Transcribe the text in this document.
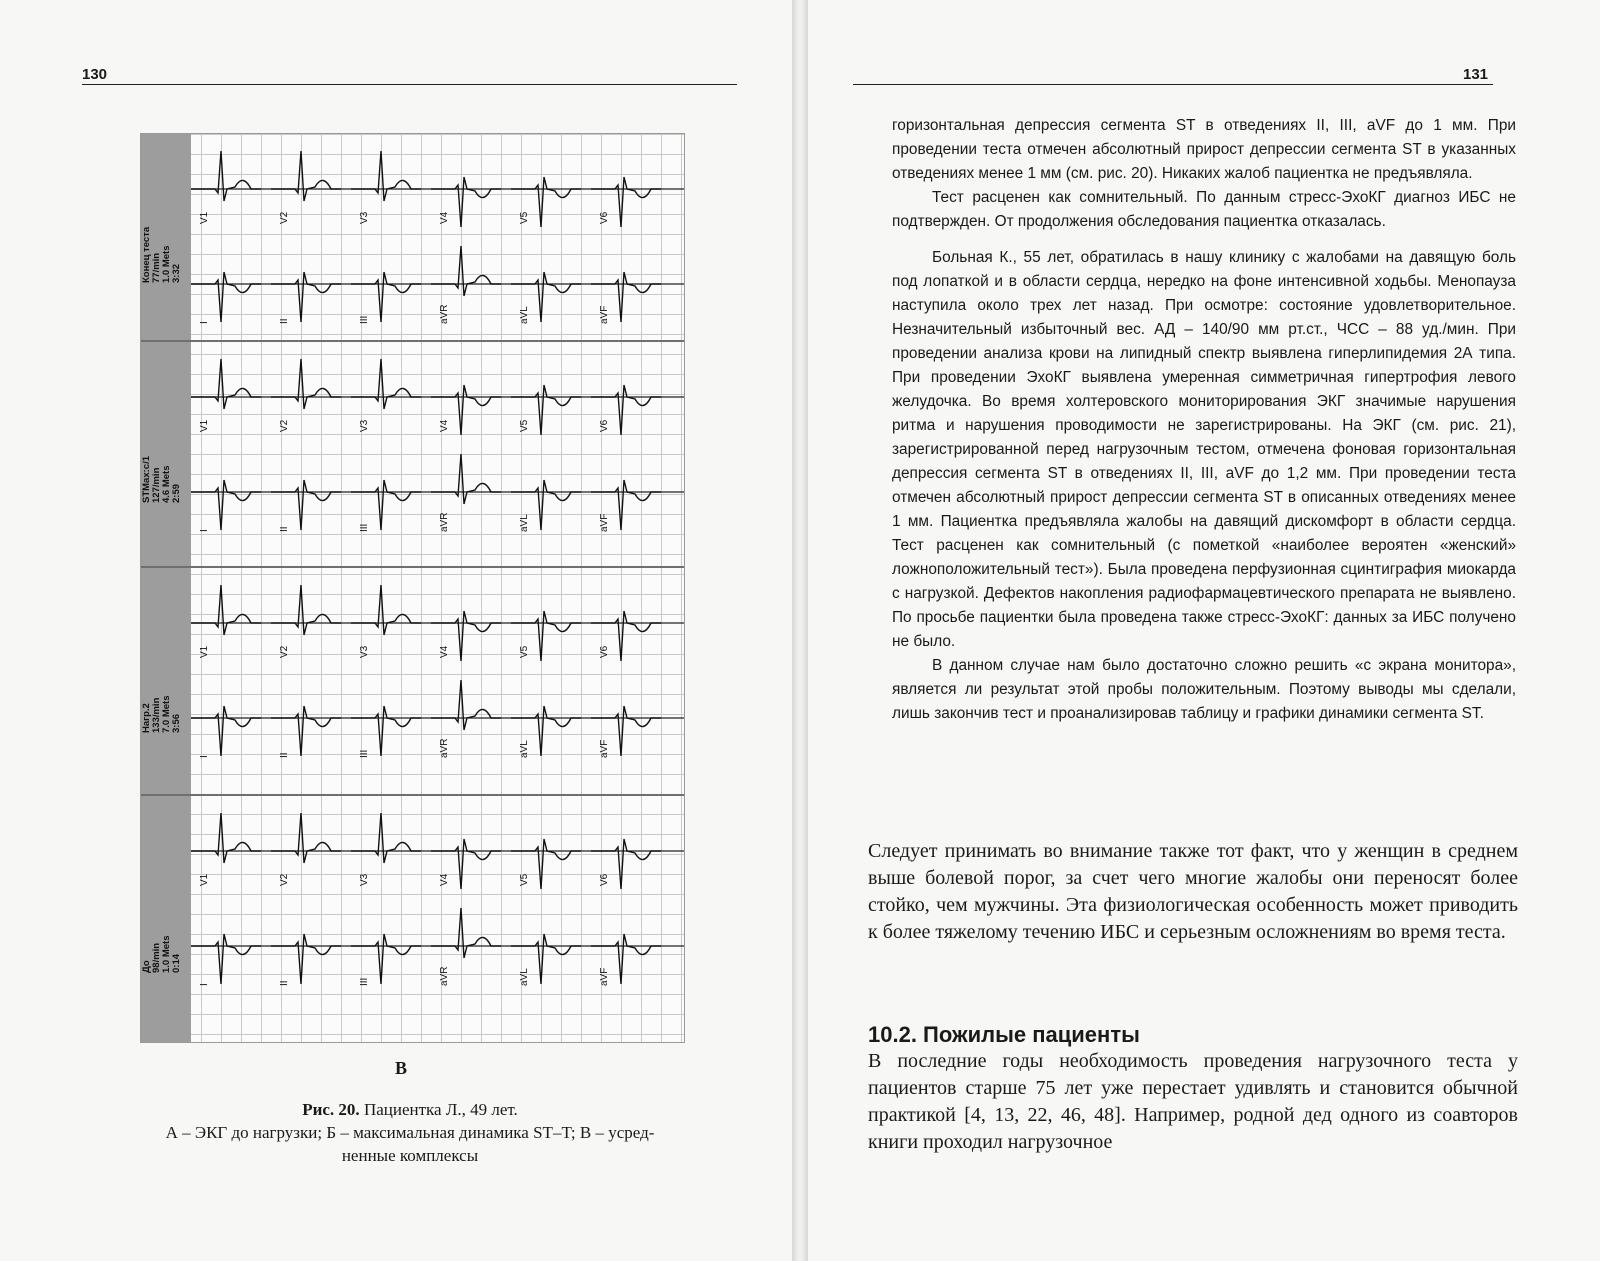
130
Конец теста
77/min
1.0 Mets
3:32
STMax:с/1
127/min
4.6 Mets
2:59
Нагр.2
133/min
7.0 Mets
3:56
До
98/min
1.0 Mets
0:14
V1	V2	V3	V4	V5	V6
I	II	III	aVR	aVL	aVF
V1	V2	V3	V4	V5	V6
I	II	III	aVR	aVL	aVF
V1	V2	V3	V4	V5	V6
I	II	III	aVR	aVL	aVF
V1	V2	V3	V4	V5	V6
I	II	III	aVR	aVL	aVF
В
Рис. 20. Пациентка Л., 49 лет.
А – ЭКГ до нагрузки; Б – максимальная динамика ST–T; В – усред-
ненные комплексы
131

горизонтальная депрессия сегмента ST в отведениях II, III, aVF до 1 мм. При проведении теста отмечен абсолютный прирост депрессии сегмента ST в указанных отведениях менее 1 мм (см. рис. 20). Никаких жалоб пациентка не предъявляла.

Тест расценен как сомнительный. По данным стресс-ЭхоКГ диагноз ИБС не подтвержден. От продолжения обследования пациентка отказалась.

Больная К., 55 лет, обратилась в нашу клинику с жалобами на давящую боль под лопаткой и в области сердца, нередко на фоне интенсивной ходьбы. Менопауза наступила около трех лет назад. При осмотре: состояние удовлетворительное. Незначительный избыточный вес. АД – 140/90 мм рт.ст., ЧСС – 88 уд./мин. При проведении анализа крови на липидный спектр выявлена гиперлипидемия 2А типа. При проведении ЭхоКГ выявлена умеренная симметричная гипертрофия левого желудочка. Во время холтеровского мониторирования ЭКГ значимые нарушения ритма и нарушения проводимости не зарегистрированы. На ЭКГ (см. рис. 21), зарегистрированной перед нагрузочным тестом, отмечена фоновая горизонтальная депрессия сегмента ST в отведениях II, III, aVF до 1,2 мм. При проведении теста отмечен абсолютный прирост депрессии сегмента ST в описанных отведениях менее 1 мм. Пациентка предъявляла жалобы на давящий дискомфорт в области сердца. Тест расценен как сомнительный (с пометкой «наиболее вероятен «женский» ложноположительный тест»). Была проведена перфузионная сцинтиграфия миокарда с нагрузкой. Дефектов накопления радиофармацевтического препарата не выявлено. По просьбе пациентки была проведена также стресс-ЭхоКГ: данных за ИБС получено не было.

В данном случае нам было достаточно сложно решить «с экрана монитора», является ли результат этой пробы положительным. Поэтому выводы мы сделали, лишь закончив тест и проанализировав таблицу и графики динамики сегмента ST.

Следует принимать во внимание также тот факт, что у женщин в среднем выше болевой порог, за счет чего многие жалобы они переносят более стойко, чем мужчины. Эта физиологическая особенность может приводить к более тяжелому течению ИБС и серьезным осложнениям во время теста.

10.2. Пожилые пациенты

В последние годы необходимость проведения нагрузочного теста у пациентов старше 75 лет уже перестает удивлять и становится обычной практикой [4, 13, 22, 46, 48]. Например, родной дед одного из соавторов книги проходил нагрузочное
